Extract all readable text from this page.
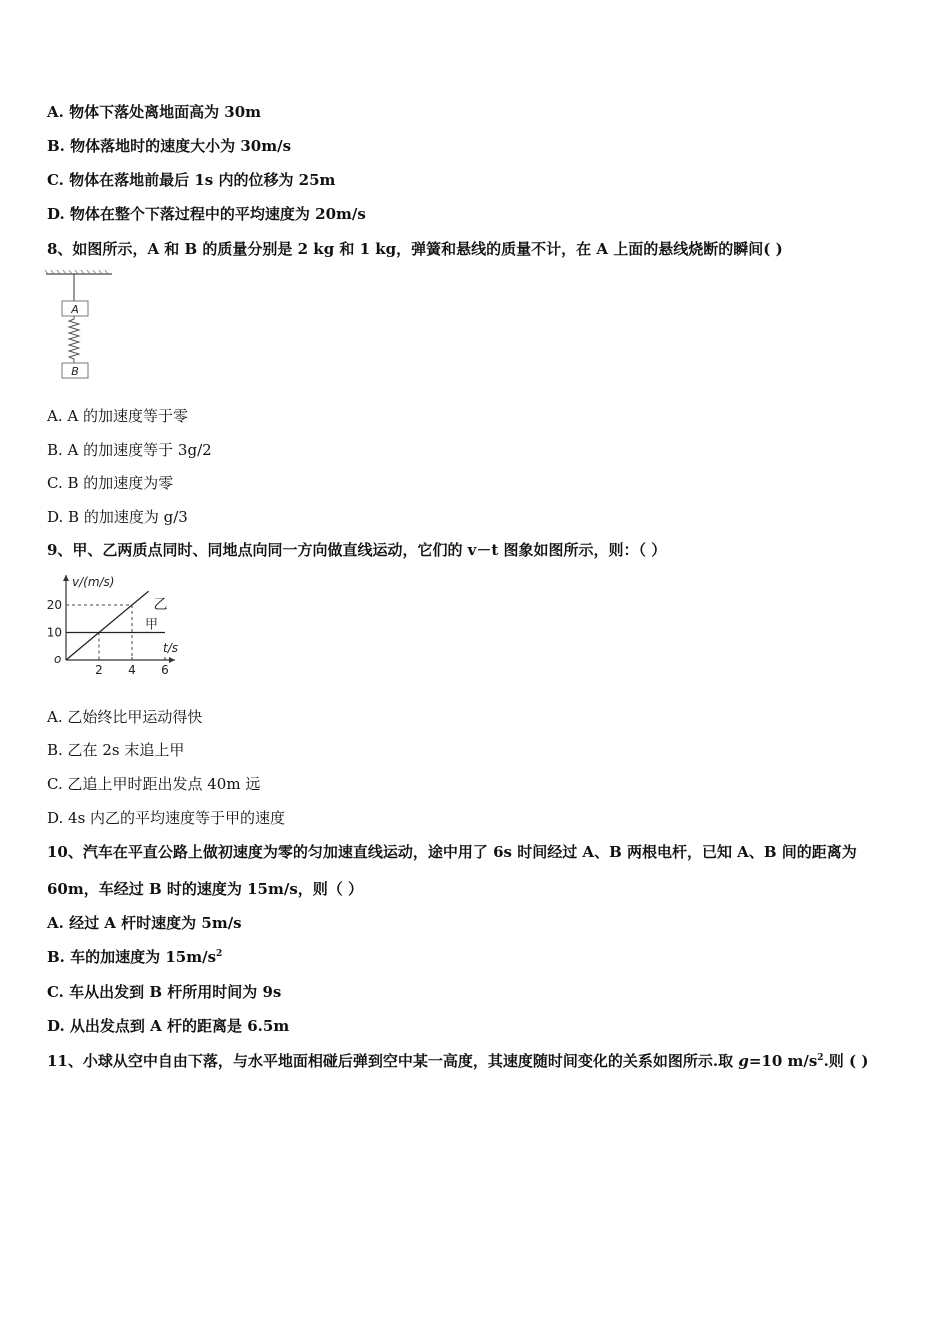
A. 物体下落处离地面高为 30m
B. 物体落地时的速度大小为 30m/s
C. 物体在落地前最后 1s 内的位移为 25m
D. 物体在整个下落过程中的平均速度为 20m/s
8、如图所示，A 和 B 的质量分别是 2 kg 和 1 kg，弹簧和悬线的质量不计，在 A 上面的悬线烧断的瞬间( )
A
B
A. A 的加速度等于零
B. A 的加速度等于 3g/2
C. B 的加速度为零
D. B 的加速度为 g/3
9、甲、乙两质点同时、同地点向同一方向做直线运动，它们的 v－t 图象如图所示，则：（ ）
v/(m/s)
t/s
o
2 4 6
10
20	乙
甲
A. 乙始终比甲运动得快
B. 乙在 2s 末追上甲
C. 乙追上甲时距出发点 40m 远
D. 4s 内乙的平均速度等于甲的速度
10、汽车在平直公路上做初速度为零的匀加速直线运动，途中用了 6s 时间经过 A、B 两根电杆，已知 A、B 间的距离为
60m，车经过 B 时的速度为 15m/s，则（ ）
A. 经过 A 杆时速度为 5m/s
B. 车的加速度为 $15m/s^2$
C. 车从出发到 B 杆所用时间为 9s
D. 从出发点到 A 杆的距离是 6.5m
11、小球从空中自由下落，与水平地面相碰后弹到空中某一高度，其速度随时间变化的关系如图所示.取 g=10 $m/s^2$.则 ( )
